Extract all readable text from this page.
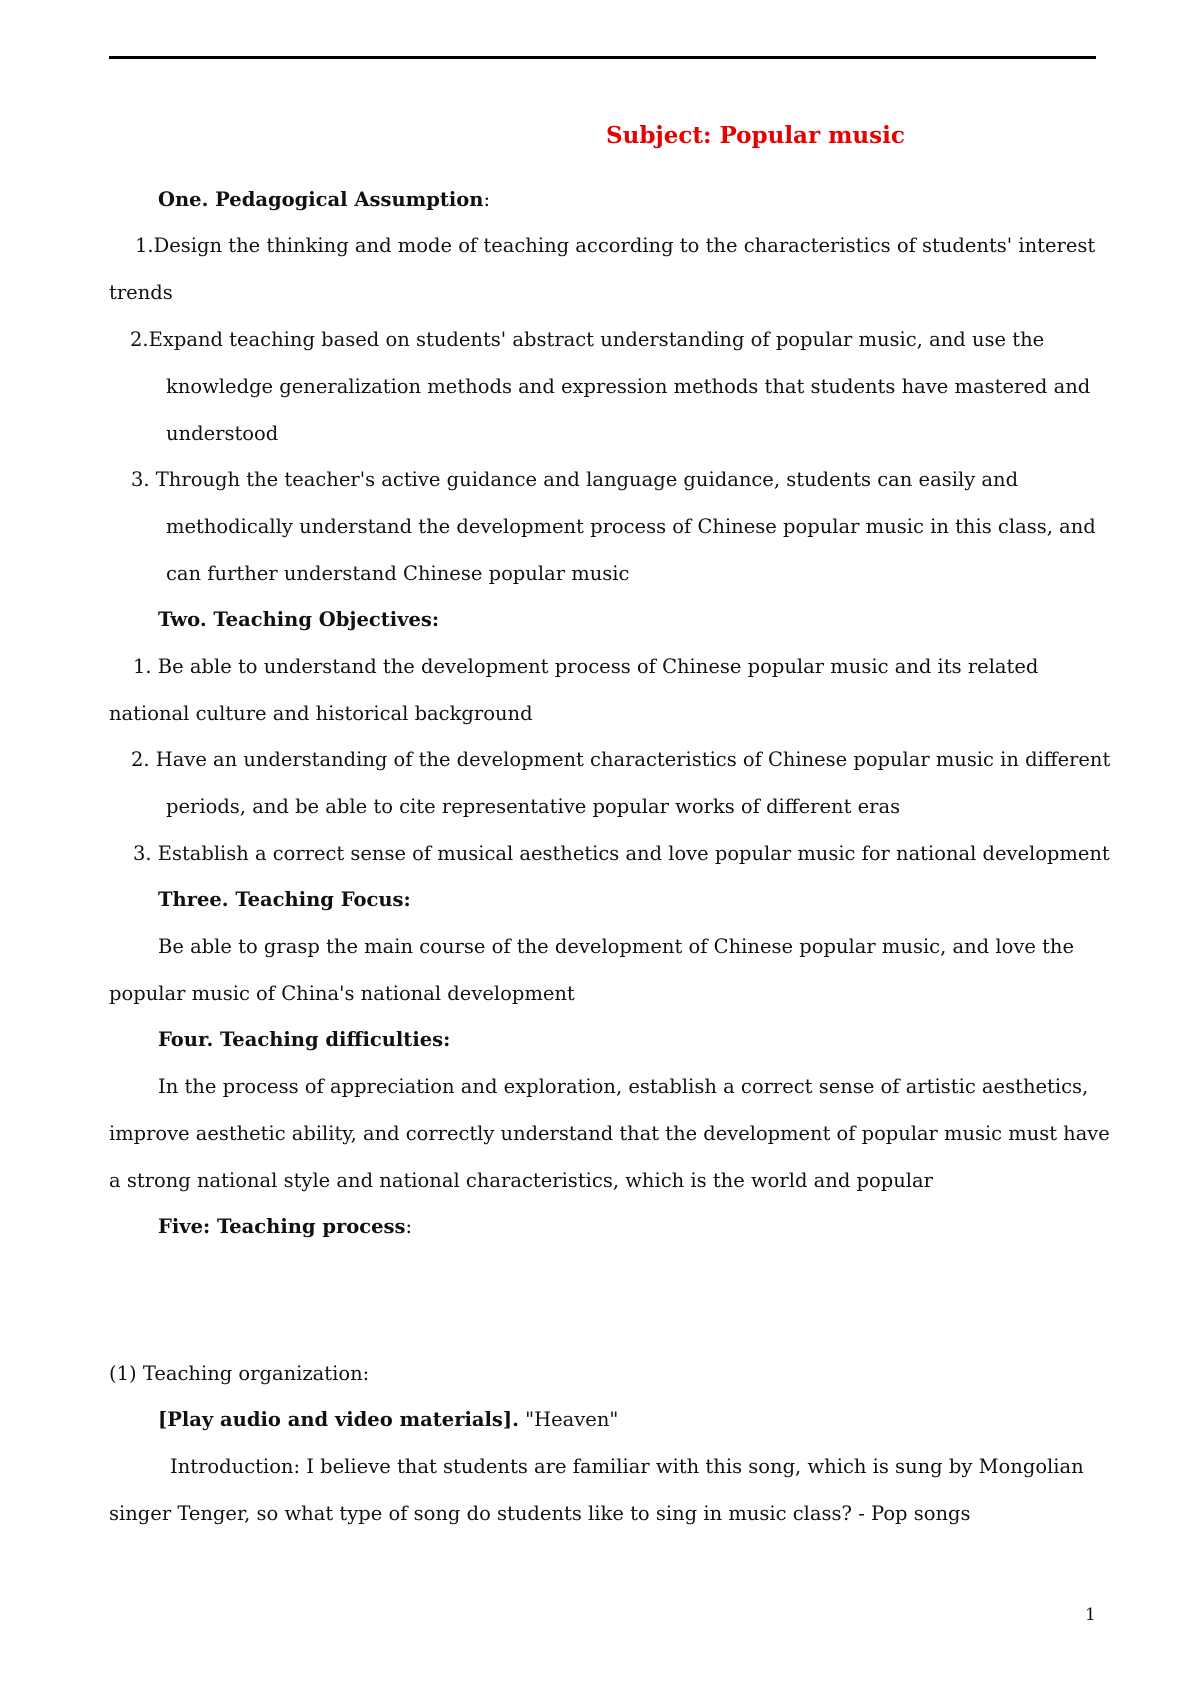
Subject: Popular music
One. Pedagogical Assumption:
1.Design the thinking and mode of teaching according to the characteristics of students' interest
trends
2.Expand teaching based on students' abstract understanding of popular music, and use the
knowledge generalization methods and expression methods that students have mastered and
understood
3. Through the teacher's active guidance and language guidance, students can easily and
methodically understand the development process of Chinese popular music in this class, and
can further understand Chinese popular music
Two. Teaching Objectives:
1. Be able to understand the development process of Chinese popular music and its related
national culture and historical background
2. Have an understanding of the development characteristics of Chinese popular music in different
periods, and be able to cite representative popular works of different eras
3. Establish a correct sense of musical aesthetics and love popular music for national development
Three. Teaching Focus:
Be able to grasp the main course of the development of Chinese popular music, and love the
popular music of China's national development
Four. Teaching difficulties:
In the process of appreciation and exploration, establish a correct sense of artistic aesthetics,
improve aesthetic ability, and correctly understand that the development of popular music must have
a strong national style and national characteristics, which is the world and popular
Five: Teaching process:
(1) Teaching organization:
[Play audio and video materials]. "Heaven"
Introduction: I believe that students are familiar with this song, which is sung by Mongolian
singer Tenger, so what type of song do students like to sing in music class? - Pop songs
1
